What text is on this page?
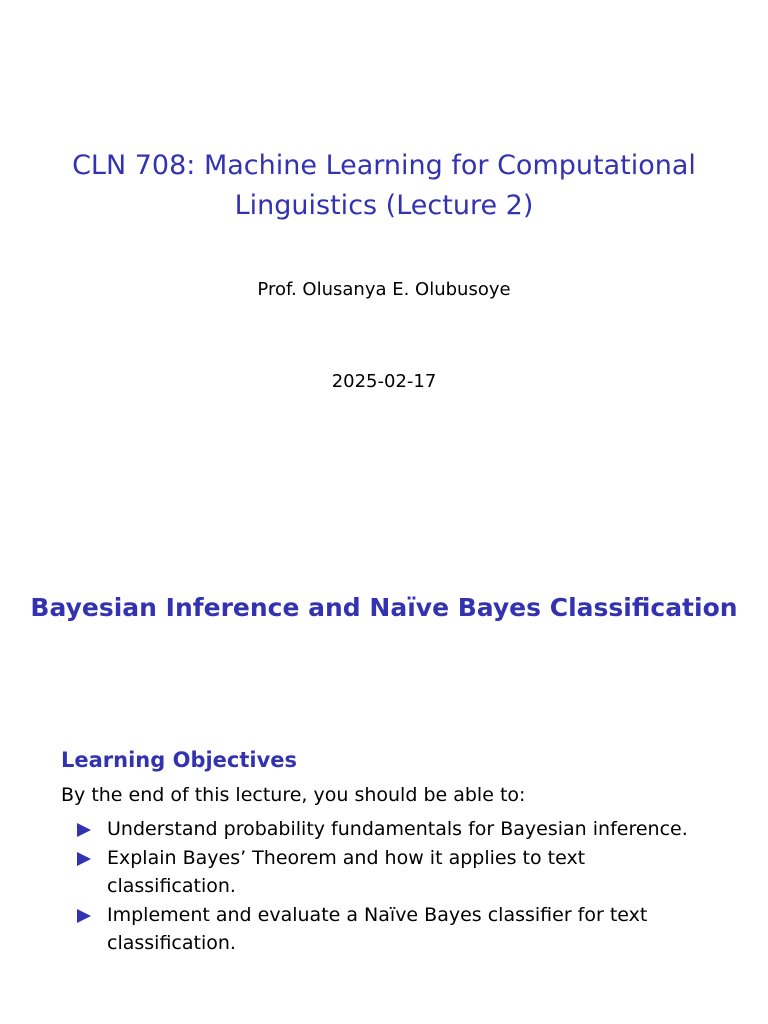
CLN 708: Machine Learning for Computational
Linguistics (Lecture 2)
Prof. Olusanya E. Olubusoye
2025-02-17
Bayesian Inference and Naïve Bayes Classification
Learning Objectives

By the end of this lecture, you should be able to:

Understand probability fundamentals for Bayesian inference.
Explain Bayes’ Theorem and how it applies to text classification.
Implement and evaluate a Naïve Bayes classifier for text classification.
